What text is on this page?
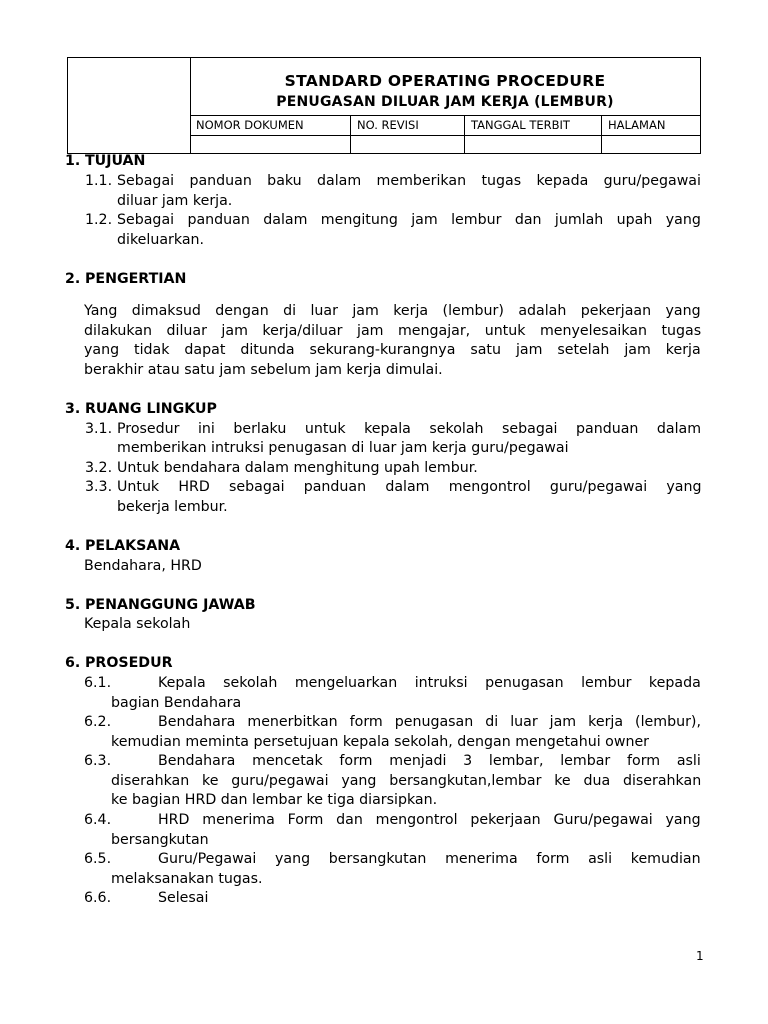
STANDARD OPERATING PROCEDURE
PENUGASAN DILUAR JAM KERJA (LEMBUR)
NOMOR DOKUMEN	NO. REVISI	TANGGAL TERBIT	HALAMAN
1. TUJUAN
1.1. Sebagai panduan baku dalam memberikan tugas kepada guru/pegawai
diluar jam kerja.
1.2. Sebagai panduan dalam mengitung jam lembur dan jumlah upah yang
dikeluarkan.
2. PENGERTIAN
Yang dimaksud dengan di luar jam kerja (lembur) adalah pekerjaan yang
dilakukan diluar jam kerja/diluar jam mengajar, untuk menyelesaikan tugas
yang tidak dapat ditunda sekurang-kurangnya satu jam setelah jam kerja
berakhir atau satu jam sebelum jam kerja dimulai.
3. RUANG LINGKUP
3.1. Prosedur ini berlaku untuk kepala sekolah sebagai panduan dalam
memberikan intruksi penugasan di luar jam kerja guru/pegawai
3.2. Untuk bendahara dalam menghitung upah lembur.
3.3. Untuk HRD sebagai panduan dalam mengontrol guru/pegawai yang
bekerja lembur.
4. PELAKSANA
Bendahara, HRD
5. PENANGGUNG JAWAB
Kepala sekolah
6. PROSEDUR
6.1.	Kepala sekolah mengeluarkan intruksi penugasan lembur kepada
bagian Bendahara
6.2.	Bendahara menerbitkan form penugasan di luar jam kerja (lembur),
kemudian meminta persetujuan kepala sekolah, dengan mengetahui owner
6.3.	Bendahara mencetak form menjadi 3 lembar, lembar form asli
diserahkan ke guru/pegawai yang bersangkutan,lembar ke dua diserahkan
ke bagian HRD dan lembar ke tiga diarsipkan.
6.4.	HRD menerima Form dan mengontrol pekerjaan Guru/pegawai yang
bersangkutan
6.5.	Guru/Pegawai yang bersangkutan menerima form asli kemudian
melaksanakan tugas.
6.6.	Selesai
1
